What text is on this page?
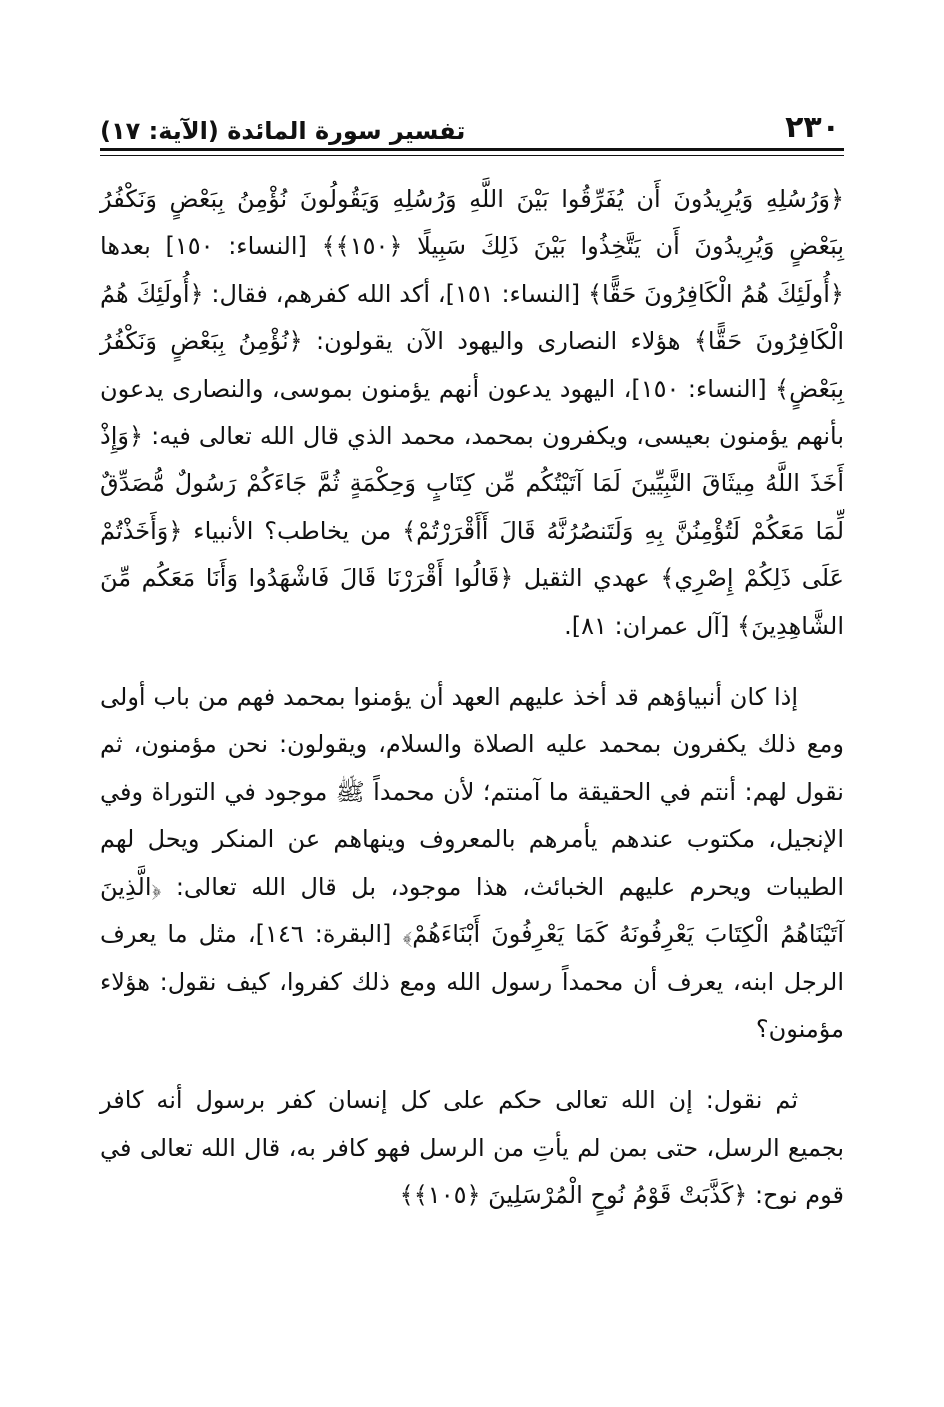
٢٣٠
تفسير سورة المائدة (الآية: ١٧)

﴿وَرُسُلِهِ وَيُرِيدُونَ أَن يُفَرِّقُوا بَيْنَ اللَّهِ وَرُسُلِهِ وَيَقُولُونَ نُؤْمِنُ بِبَعْضٍ وَنَكْفُرُ بِبَعْضٍ وَيُرِيدُونَ أَن يَتَّخِذُوا بَيْنَ ذَلِكَ سَبِيلًا ﴿١٥٠﴾﴾ [النساء: ١٥٠] بعدها ﴿أُولَئِكَ هُمُ الْكَافِرُونَ حَقًّا﴾ [النساء: ١٥١]، أكد الله كفرهم، فقال: ﴿أُولَئِكَ هُمُ الْكَافِرُونَ حَقًّا﴾ هؤلاء النصارى واليهود الآن يقولون: ﴿نُؤْمِنُ بِبَعْضٍ وَنَكْفُرُ بِبَعْضٍ﴾ [النساء: ١٥٠]، اليهود يدعون أنهم يؤمنون بموسى، والنصارى يدعون بأنهم يؤمنون بعيسى، ويكفرون بمحمد، محمد الذي قال الله تعالى فيه: ﴿وَإِذْ أَخَذَ اللَّهُ مِيثَاقَ النَّبِيِّينَ لَمَا آتَيْتُكُم مِّن كِتَابٍ وَحِكْمَةٍ ثُمَّ جَاءَكُمْ رَسُولٌ مُّصَدِّقٌ لِّمَا مَعَكُمْ لَتُؤْمِنُنَّ بِهِ وَلَتَنصُرُنَّهُ قَالَ أَأَقْرَرْتُمْ﴾ من يخاطب؟ الأنبياء ﴿وَأَخَذْتُمْ عَلَى ذَلِكُمْ إِصْرِي﴾ عهدي الثقيل ﴿قَالُوا أَقْرَرْنَا قَالَ فَاشْهَدُوا وَأَنَا مَعَكُم مِّنَ الشَّاهِدِينَ﴾ [آل عمران: ٨١].

إذا كان أنبياؤهم قد أخذ عليهم العهد أن يؤمنوا بمحمد فهم من باب أولى ومع ذلك يكفرون بمحمد عليه الصلاة والسلام، ويقولون: نحن مؤمنون، ثم نقول لهم: أنتم في الحقيقة ما آمنتم؛ لأن محمداً ﷺ موجود في التوراة وفي الإنجيل، مكتوب عندهم يأمرهم بالمعروف وينهاهم عن المنكر ويحل لهم الطيبات ويحرم عليهم الخبائث، هذا موجود، بل قال الله تعالى: ﴿الَّذِينَ آتَيْنَاهُمُ الْكِتَابَ يَعْرِفُونَهُ كَمَا يَعْرِفُونَ أَبْنَاءَهُمْ﴾ [البقرة: ١٤٦]، مثل ما يعرف الرجل ابنه، يعرف أن محمداً رسول الله ومع ذلك كفروا، كيف نقول: هؤلاء مؤمنون؟

ثم نقول: إن الله تعالى حكم على كل إنسان كفر برسول أنه كافر بجميع الرسل، حتى بمن لم يأتِ من الرسل فهو كافر به، قال الله تعالى في قوم نوح: ﴿كَذَّبَتْ قَوْمُ نُوحٍ الْمُرْسَلِينَ ﴿١٠٥﴾﴾
